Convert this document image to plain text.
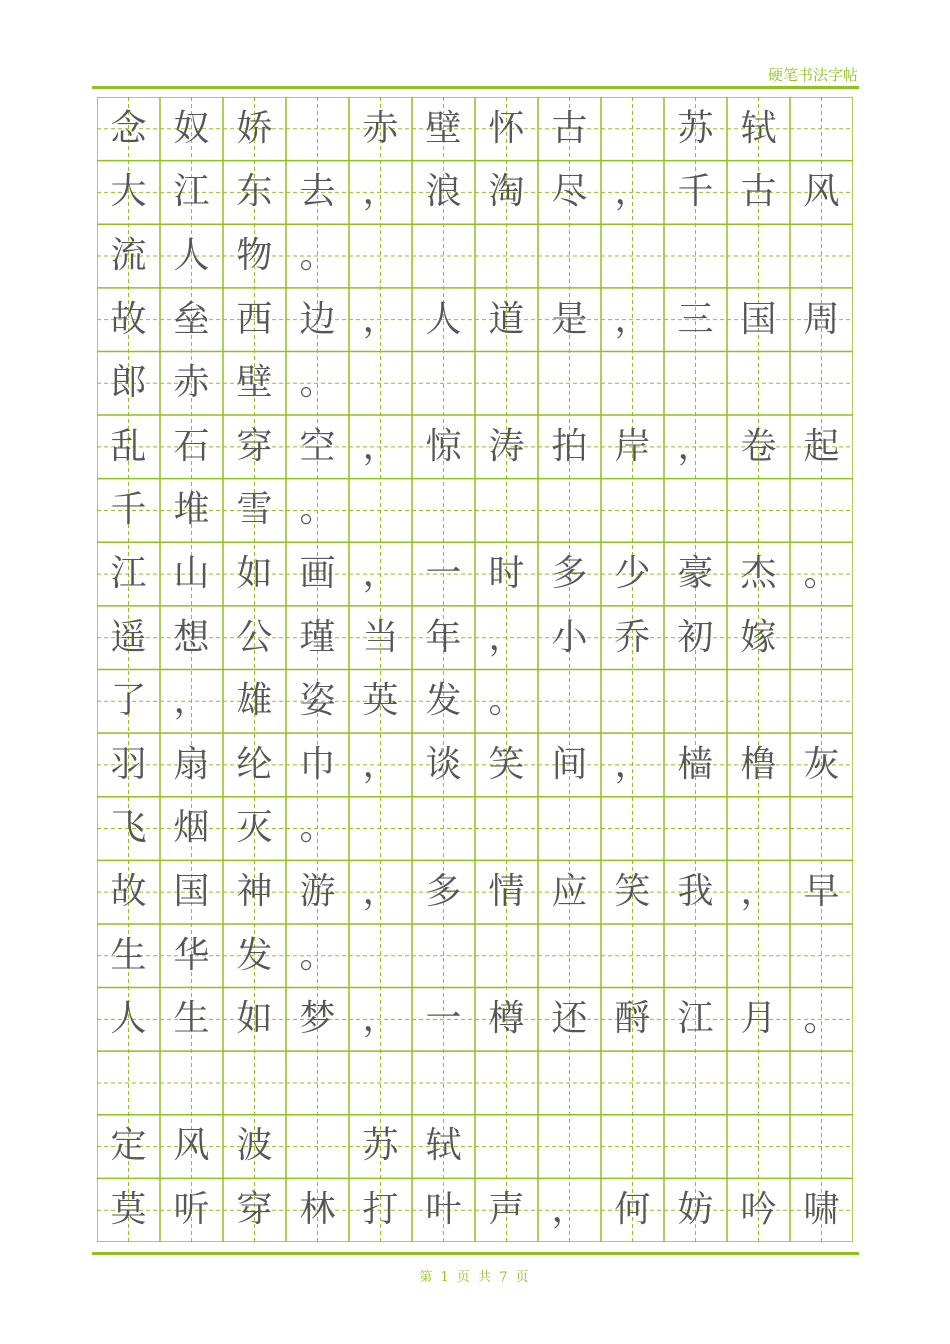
硬笔书法字帖
念 奴 娇	赤 壁 怀 古	苏 轼
大 江 东 去 ， 浪 淘 尽 ， 千 古 风
流 人 物 。
故 垒 西 边 ， 人 道 是 ， 三 国 周
郎 赤 壁 。
乱 石 穿 空 ， 惊 涛 拍 岸 ， 卷 起
千 堆 雪 。
江 山 如 画 ， 一 时 多 少 豪 杰 。
遥 想 公 瑾 当 年 ， 小 乔 初 嫁
了 ， 雄 姿 英 发 。
羽 扇 纶 巾 ， 谈 笑 间 ， 樯 橹 灰
飞 烟 灭 。
故 国 神 游 ， 多 情 应 笑 我 ， 早
生 华 发 。
人 生 如 梦 ， 一 樽 还 酹 江 月 。
定 风 波	苏 轼
莫 听 穿 林 打 叶 声 ， 何 妨 吟 啸
第 1 页 共 7 页
